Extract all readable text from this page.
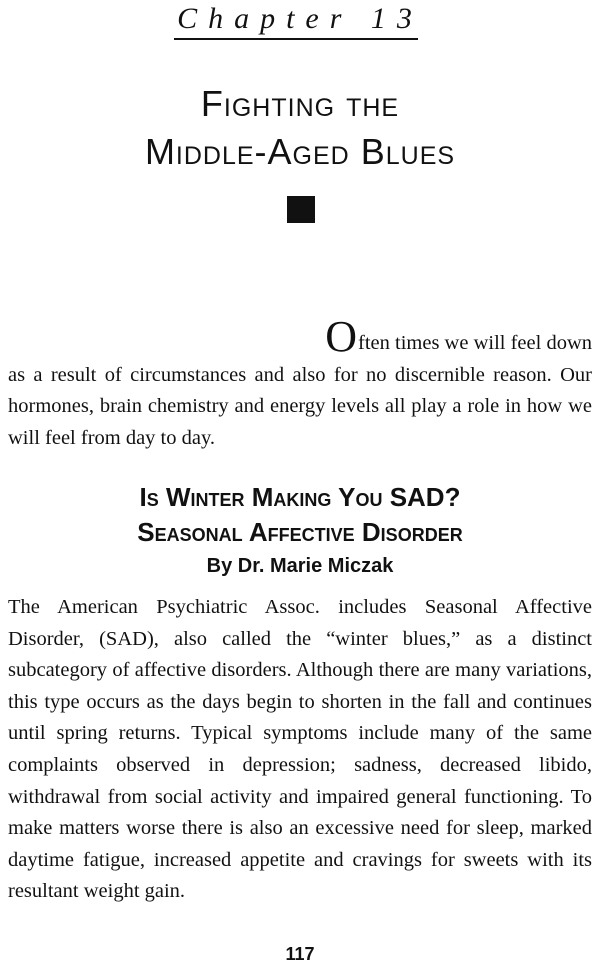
Chapter 13
Fighting the
Middle-Aged Blues
Often times we will feel down
as a result of circumstances and also for no discernible reason. Our hormones, brain chemistry and energy levels all play a role in how we will feel from day to day.
Is Winter Making You SAD?
Seasonal Affective Disorder
By Dr. Marie Miczak

The American Psychiatric Assoc. includes Seasonal Affective Disorder, (SAD), also called the “winter blues,” as a distinct subcategory of affective disorders. Although there are many variations, this type occurs as the days begin to shorten in the fall and continues until spring returns. Typical symptoms include many of the same complaints observed in depression; sadness, decreased libido, withdrawal from social activity and impaired general functioning. To make matters worse there is also an excessive need for sleep, marked daytime fatigue, increased appetite and cravings for sweets with its resultant weight gain.

117
